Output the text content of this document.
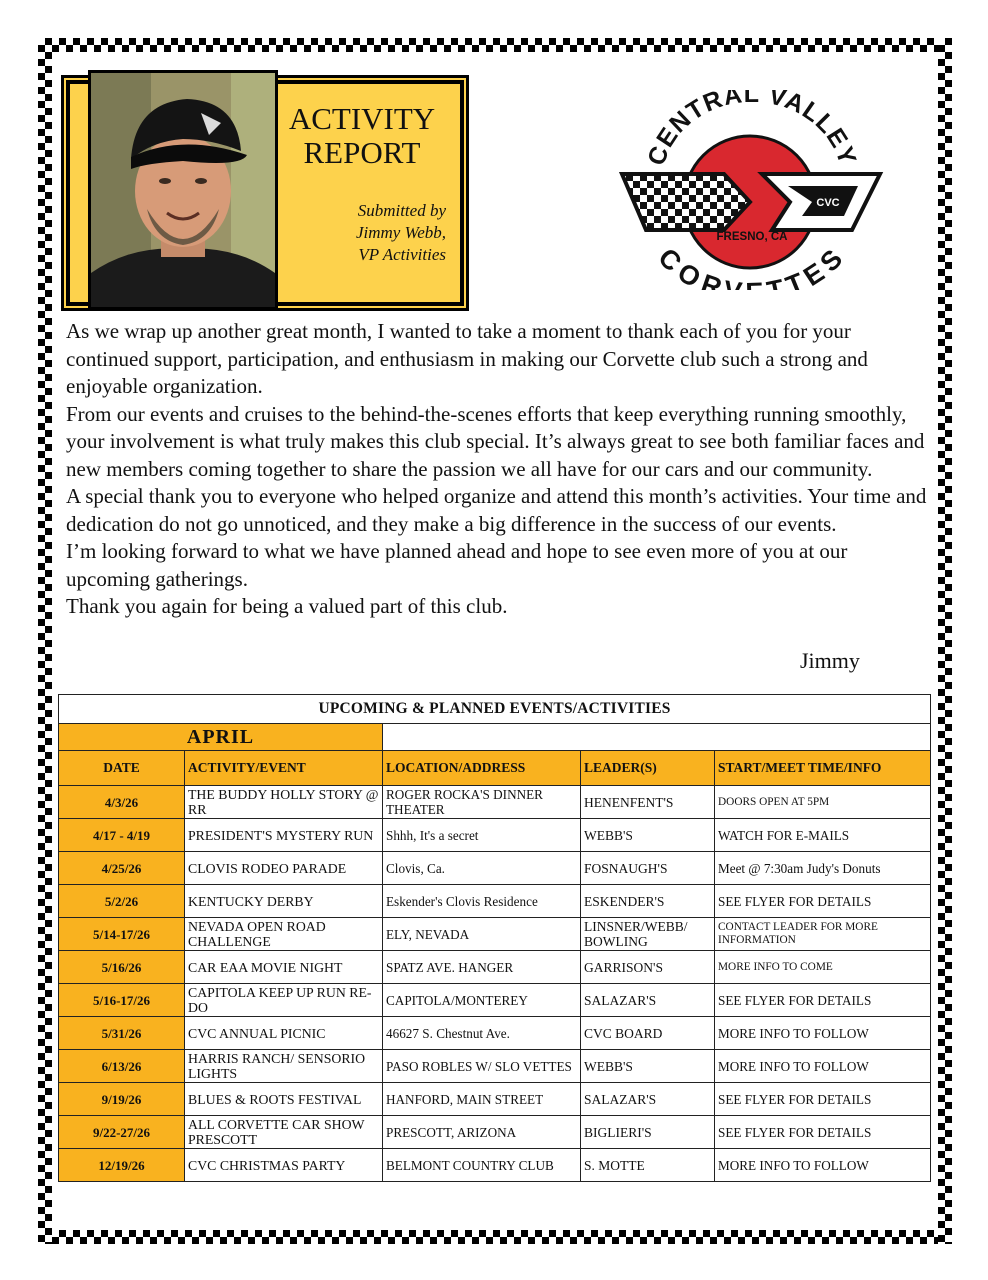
ACTIVITY
REPORT
Submitted by
Jimmy Webb,
VP Activities
CVC
FRESNO, CA
CENTRAL VALLEY
COR TTES

As we wrap up another great month, I wanted to take a moment to thank each of you for your continued support, participation, and enthusiasm in making our Corvette club such a strong and enjoyable organization.

From our events and cruises to the behind-the-scenes efforts that keep everything running smoothly, your involvement is what truly makes this club special. It’s always great to see both familiar faces and new members coming together to share the passion we all have for our cars and our community.

A special thank you to everyone who helped organize and attend this month’s activities. Your time and dedication do not go unnoticed, and they make a big difference in the success of our events.

I’m looking forward to what we have planned ahead and hope to see even more of you at our upcoming gatherings.

Thank you again for being a valued part of this club.

Jimmy
UPCOMING & PLANNED EVENTS/ACTIVITIES				
APRIL				
DATE	ACTIVITY/EVENT	LOCATION/ADDRESS	LEADER(S)	START/MEET TIME/INFO
4/3/26	THE BUDDY HOLLY STORY @ RR	ROGER ROCKA'S DINNER THEATER	HENENFENT'S	DOORS OPEN AT 5PM
4/17 - 4/19	PRESIDENT'S MYSTERY RUN	Shhh, It's a secret	WEBB'S	WATCH FOR E-MAILS
4/25/26	CLOVIS RODEO PARADE	Clovis, Ca.	FOSNAUGH'S	Meet @ 7:30am Judy's Donuts
5/2/26	KENTUCKY DERBY	Eskender's Clovis Residence	ESKENDER'S	SEE FLYER FOR DETAILS
5/14-17/26	NEVADA OPEN ROAD CHALLENGE	ELY, NEVADA	LINSNER/WEBB/ BOWLING	CONTACT LEADER FOR MORE INFORMATION
5/16/26	CAR EAA MOVIE NIGHT	SPATZ AVE. HANGER	GARRISON'S	MORE INFO TO COME
5/16-17/26	CAPITOLA KEEP UP RUN RE-DO	CAPITOLA/MONTEREY	SALAZAR'S	SEE FLYER FOR DETAILS
5/31/26	CVC ANNUAL PICNIC	46627 S. Chestnut Ave.	CVC BOARD	MORE INFO TO FOLLOW
6/13/26	HARRIS RANCH/ SENSORIO LIGHTS	PASO ROBLES W/ SLO VETTES	WEBB'S	MORE INFO TO FOLLOW
9/19/26	BLUES & ROOTS FESTIVAL	HANFORD, MAIN STREET	SALAZAR'S	SEE FLYER FOR DETAILS
9/22-27/26	ALL CORVETTE CAR SHOW PRESCOTT	PRESCOTT, ARIZONA	BIGLIERI'S	SEE FLYER FOR DETAILS
12/19/26	CVC CHRISTMAS PARTY	BELMONT COUNTRY CLUB	S. MOTTE	MORE INFO TO FOLLOW
